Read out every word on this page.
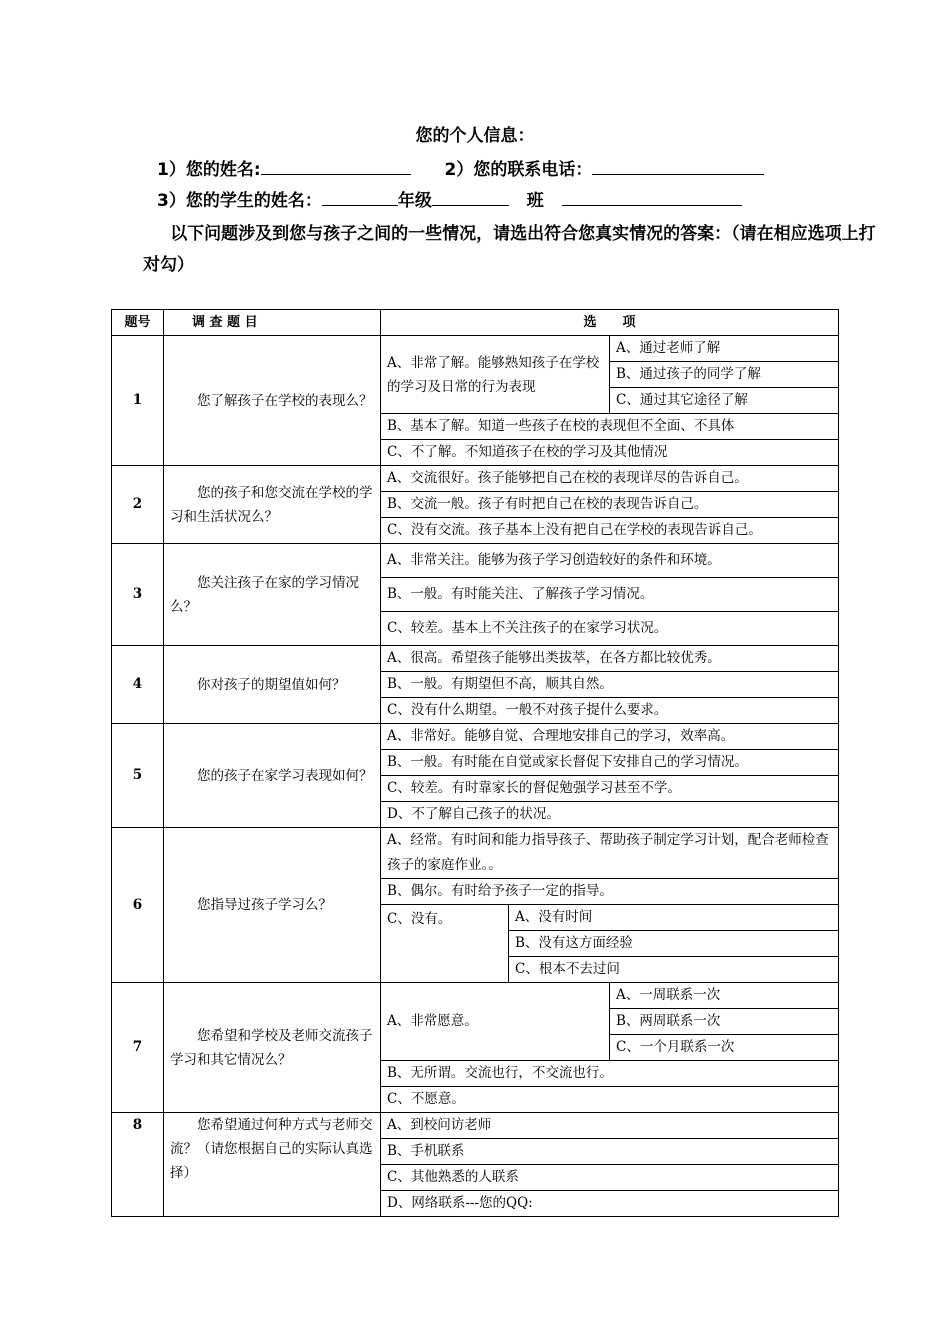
您的个人信息：
1）您的姓名:	2）您的联系电话：
3）您的学生的姓名：	年级	班
以下问题涉及到您与孩子之间的一些情况，请选出符合您真实情况的答案：（请在相应选项上打对勾）
题号	调 查 题 目	选　　项		
1	您了解孩子在学校的表现么？	A、非常了解。能够熟知孩子在学校的学习及日常的行为表现		A、通过老师了解
				B、通过孩子的同学了解
				C、通过其它途径了解
		B、基本了解。知道一些孩子在校的表现但不全面、不具体		
		C、不了解。不知道孩子在校的学习及其他情况		
2	您的孩子和您交流在学校的学习和生活状况么？	A、交流很好。孩子能够把自己在校的表现详尽的告诉自己。		
		B、交流一般。孩子有时把自己在校的表现告诉自己。		
		C、没有交流。孩子基本上没有把自己在学校的表现告诉自己。		
3	您关注孩子在家的学习情况么？	A、非常关注。能够为孩子学习创造较好的条件和环境。		
		B、一般。有时能关注、了解孩子学习情况。		
		C、较差。基本上不关注孩子的在家学习状况。		
4	你对孩子的期望值如何？	A、很高。希望孩子能够出类拔萃，在各方都比较优秀。		
		B、一般。有期望但不高，顺其自然。		
		C、没有什么期望。一般不对孩子提什么要求。		
5	您的孩子在家学习表现如何？	A、非常好。能够自觉、合理地安排自己的学习，效率高。		
		B、一般。有时能在自觉或家长督促下安排自己的学习情况。		
		C、较差。有时靠家长的督促勉强学习甚至不学。		
		D、不了解自己孩子的状况。		
6	您指导过孩子学习么？	A、经常。有时间和能力指导孩子、帮助孩子制定学习计划，配合老师检查孩子的家庭作业。。		
		B、偶尔。有时给予孩子一定的指导。		
		C、没有。	A、没有时间	
			B、没有这方面经验	
			C、根本不去过问	
7	您希望和学校及老师交流孩子学习和其它情况么？	A、非常愿意。		A、一周联系一次
				B、两周联系一次
				C、一个月联系一次
		B、无所谓。交流也行，不交流也行。		
		C、不愿意。		
8	您希望通过何种方式与老师交流？（请您根据自己的实际认真选择）	A、到校问访老师		
		B、手机联系		
		C、其他熟悉的人联系		
		D、网络联系---您的QQ:		
